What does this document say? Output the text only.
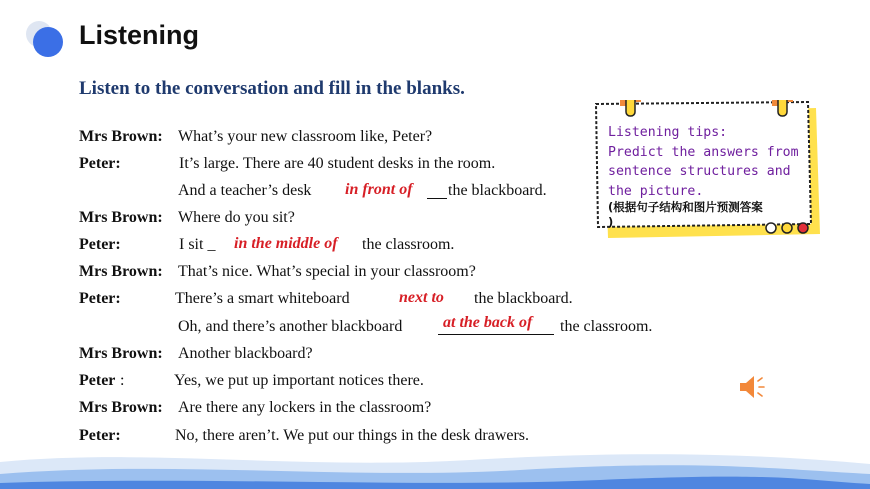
Listening
Listen to the conversation and fill in the blanks.
Mrs Brown: What’s your new classroom like, Peter?
Peter:	It’s large. There are 40 student desks in the room.
And a teacher’s desk in front of the blackboard.
Mrs Brown: Where do you sit?
Peter:	I sit _ in the middle of the classroom.
Mrs Brown: That’s nice. What’s special in your classroom?
Peter:	There’s a smart whiteboard	next to the blackboard.
Oh, and there’s another blackboard	at the back of the classroom.
Mrs Brown: Another blackboard?
Peter :	Yes, we put up important notices there.
Mrs Brown: Are there any lockers in the classroom?
Peter:	No, there aren’t. We put our things in the desk drawers.
Listening tips:
Predict the answers from
sentence structures and
the picture.
(根据句子结构和图片预测答案
)
